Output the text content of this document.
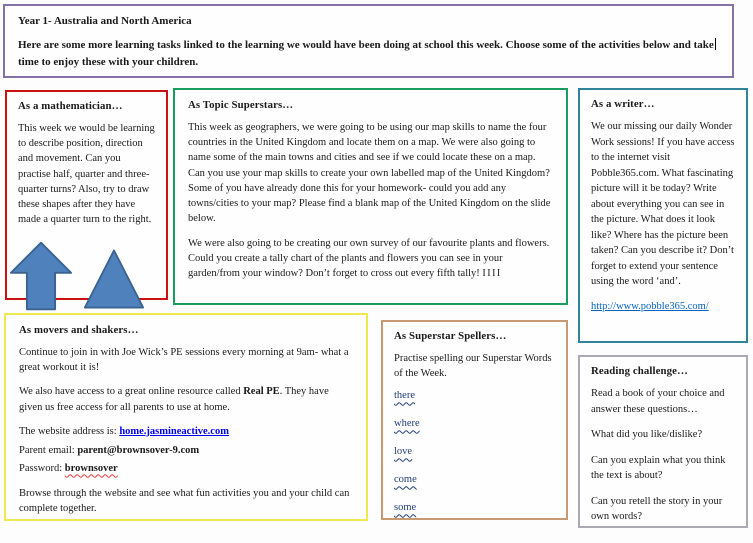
Year 1- Australia and North America
Here are some more learning tasks linked to the learning we would have been doing at school this week. Choose some of the activities below and taketime to enjoy these with your children.
As a mathematician…

This week we would be learning to describe position, direction and movement. Can you practise half, quarter and three-quarter turns? Also, try to draw these shapes after they have made a quarter turn to the right.

As Topic Superstars…

This week as geographers, we were going to be using our map skills to name the four countries in the United Kingdom and locate them on a map. We were also going to name some of the main towns and cities and see if we could locate these on a map. Can you use your map skills to create your own labelled map of the United Kingdom? Some of you have already done this for your homework- could you add any towns/cities to your map? Please find a blank map of the United Kingdom on the slide below.

We were also going to be creating our own survey of our favourite plants and flowers. Could you create a tally chart of the plants and flowers you can see in your garden/from your window? Don’t forget to cross out every fifth tally! IIII

As a writer…

We our missing our daily Wonder Work sessions! If you have access to the internet visit Pobble365.com. What fascinating picture will it be today? Write about everything you can see in the picture. What does it look like? Where has the picture been taken? Can you describe it? Don’t forget to extend your sentence using the word ‘and’.

http://www.pobble365.com/

As movers and shakers…

Continue to join in with Joe Wick’s PE sessions every morning at 9am- what a great workout it is!

We also have access to a great online resource called Real PE. They have given us free access for all parents to use at home.

The website address is: home.jasmineactive.com
Parent email: parent@brownsover-9.com
Password: brownsover

Browse through the website and see what fun activities you and your child can complete together.

As Superstar Spellers…

Practise spelling our Superstar Words of the Week.

there
where
love
come
some
Reading challenge…

Read a book of your choice and answer these questions…

What did you like/dislike?

Can you explain what you think the text is about?

Can you retell the story in your own words?
